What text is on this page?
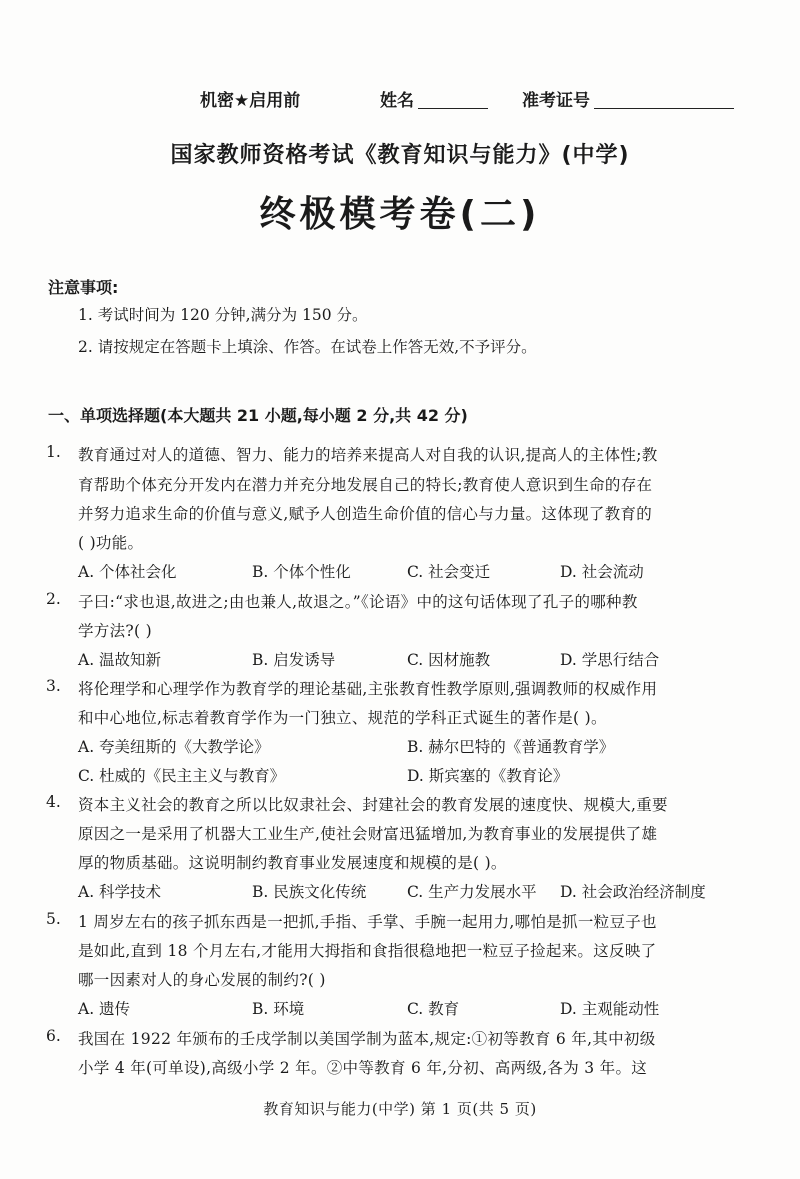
机密★启用前	姓名	准考证号
国家教师资格考试《教育知识与能力》(中学)
终极模考卷(二)
注意事项:
1. 考试时间为 120 分钟,满分为 150 分。
2. 请按规定在答题卡上填涂、作答。在试卷上作答无效,不予评分。
一、单项选择题(本大题共 21 小题,每小题 2 分,共 42 分)
1. 教育通过对人的道德、智力、能力的培养来提高人对自我的认识,提高人的主体性;教
育帮助个体充分开发内在潜力并充分地发展自己的特长;教育使人意识到生命的存在
并努力追求生命的价值与意义,赋予人创造生命价值的信心与力量。这体现了教育的
( )功能。
A. 个体社会化	B. 个体个性化	C. 社会变迁	D. 社会流动
2. 子曰:“求也退,故进之;由也兼人,故退之。”《论语》中的这句话体现了孔子的哪种教
学方法?( )
A. 温故知新	B. 启发诱导	C. 因材施教	D. 学思行结合
3. 将伦理学和心理学作为教育学的理论基础,主张教育性教学原则,强调教师的权威作用
和中心地位,标志着教育学作为一门独立、规范的学科正式诞生的著作是( )。
A. 夸美纽斯的《大教学论》	B. 赫尔巴特的《普通教育学》
C. 杜威的《民主主义与教育》	D. 斯宾塞的《教育论》
4. 资本主义社会的教育之所以比奴隶社会、封建社会的教育发展的速度快、规模大,重要
原因之一是采用了机器大工业生产,使社会财富迅猛增加,为教育事业的发展提供了雄
厚的物质基础。这说明制约教育事业发展速度和规模的是( )。
A. 科学技术	B. 民族文化传统	C. 生产力发展水平 D. 社会政治经济制度
5. 1 周岁左右的孩子抓东西是一把抓,手指、手掌、手腕一起用力,哪怕是抓一粒豆子也
是如此,直到 18 个月左右,才能用大拇指和食指很稳地把一粒豆子捡起来。这反映了
哪一因素对人的身心发展的制约?( )
A. 遗传	B. 环境	C. 教育	D. 主观能动性
6. 我国在 1922 年颁布的壬戌学制以美国学制为蓝本,规定:①初等教育 6 年,其中初级
小学 4 年(可单设),高级小学 2 年。②中等教育 6 年,分初、高两级,各为 3 年。这
教育知识与能力(中学) 第 1 页(共 5 页)
